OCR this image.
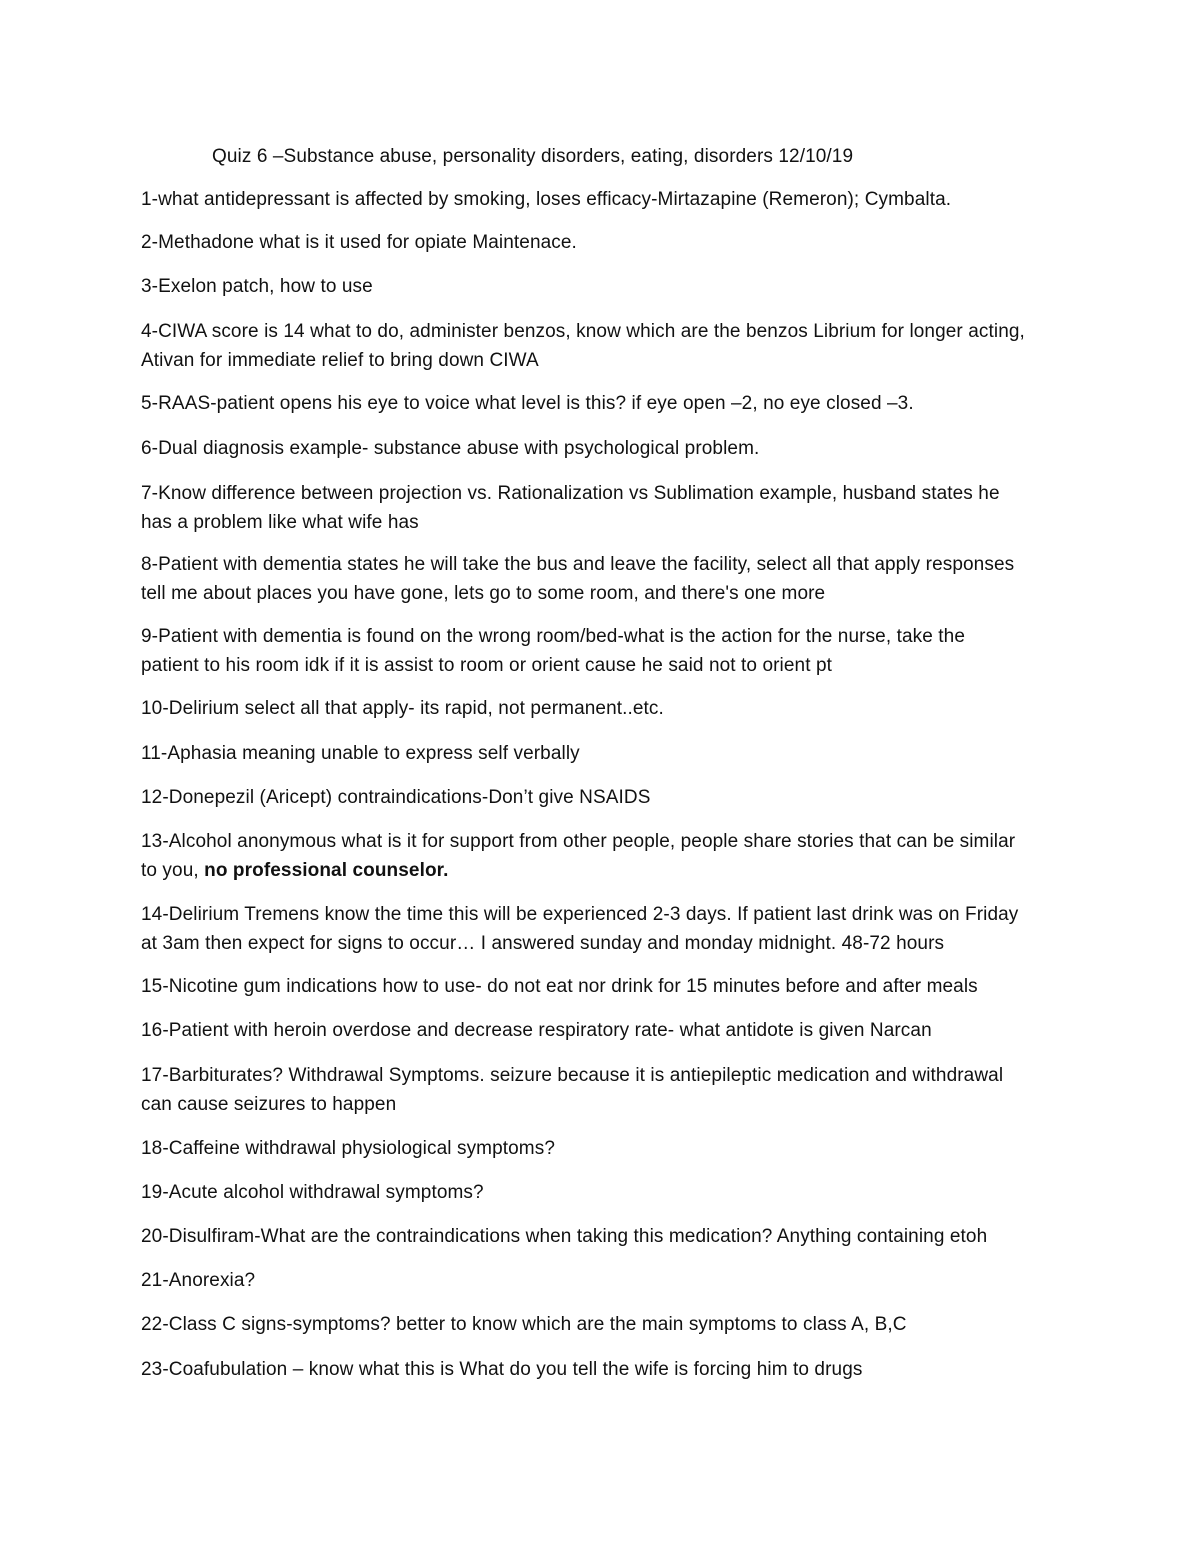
Quiz 6 –Substance abuse, personality disorders, eating, disorders 12/10/19
1-what antidepressant is affected by smoking, loses efficacy-Mirtazapine (Remeron); Cymbalta.
2-Methadone what is it used for opiate Maintenace.
3-Exelon patch, how to use
4-CIWA score is 14 what to do, administer benzos, know which are the benzos Librium for longer acting,
Ativan for immediate relief to bring down CIWA
5-RAAS-patient opens his eye to voice what level is this? if eye open –2, no eye closed –3.
6-Dual diagnosis example- substance abuse with psychological problem.
7-Know difference between projection vs. Rationalization vs Sublimation example, husband states he
has a problem like what wife has
8-Patient with dementia states he will take the bus and leave the facility, select all that apply responses
tell me about places you have gone, lets go to some room, and there's one more
9-Patient with dementia is found on the wrong room/bed-what is the action for the nurse, take the
patient to his room idk if it is assist to room or orient cause he said not to orient pt
10-Delirium select all that apply- its rapid, not permanent..etc.
11-Aphasia meaning unable to express self verbally
12-Donepezil (Aricept) contraindications-Don’t give NSAIDS
13-Alcohol anonymous what is it for support from other people, people share stories that can be similar
to you, no professional counselor.
14-Delirium Tremens know the time this will be experienced 2-3 days. If patient last drink was on Friday
at 3am then expect for signs to occur… I answered sunday and monday midnight. 48-72 hours
15-Nicotine gum indications how to use- do not eat nor drink for 15 minutes before and after meals
16-Patient with heroin overdose and decrease respiratory rate- what antidote is given Narcan
17-Barbiturates? Withdrawal Symptoms. seizure because it is antiepileptic medication and withdrawal
can cause seizures to happen
18-Caffeine withdrawal physiological symptoms?
19-Acute alcohol withdrawal symptoms?
20-Disulfiram-What are the contraindications when taking this medication? Anything containing etoh
21-Anorexia?
22-Class C signs-symptoms? better to know which are the main symptoms to class A, B,C
23-Coafubulation – know what this is What do you tell the wife is forcing him to drugs
